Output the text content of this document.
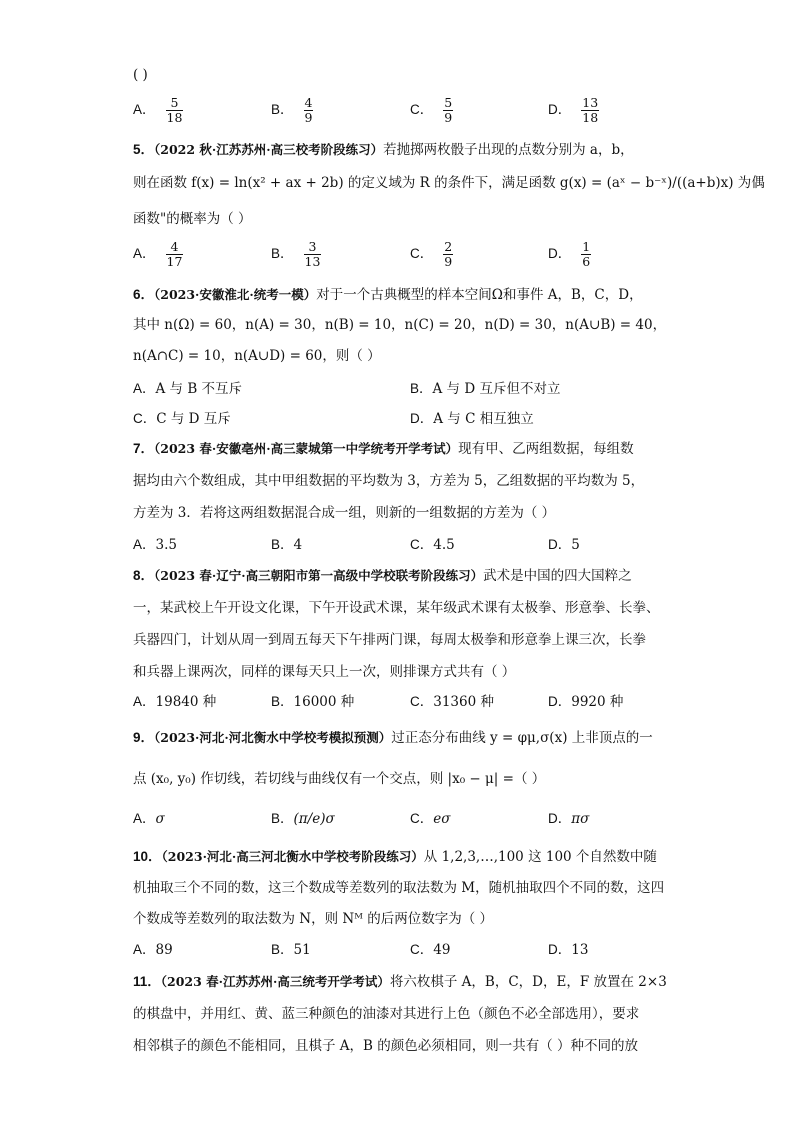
( )
A． $\frac{5}{18}$	B． $\frac{4}{9}$	C． $\frac{5}{9}$	D． $\frac{13}{18}$
5．（2022 秋·江苏苏州·高三校考阶段练习）若抛掷两枚骰子出现的点数分别为 a，b，
则在函数 f(x) = ln(x² + ax + 2b) 的定义域为 R 的条件下，满足函数 g(x) = (aˣ − b⁻ˣ)/((a+b)x) 为偶
函数"的概率为（ ）
A． $\frac{4}{17}$	B． $\frac{3}{13}$	C． $\frac{2}{9}$	D． $\frac{1}{6}$
6．（2023·安徽淮北·统考一模）对于一个古典概型的样本空间Ω和事件 A，B，C，D，
其中 n(Ω) = 60，n(A) = 30，n(B) = 10，n(C) = 20，n(D) = 30，n(A∪B) = 40，
n(A∩C) = 10，n(A∪D) = 60，则（ ）
A．A 与 B 不互斥	B．A 与 D 互斥但不对立
C．C 与 D 互斥	D．A 与 C 相互独立
7．（2023 春·安徽亳州·高三蒙城第一中学统考开学考试）现有甲、乙两组数据，每组数
据均由六个数组成，其中甲组数据的平均数为 3，方差为 5，乙组数据的平均数为 5，
方差为 3．若将这两组数据混合成一组，则新的一组数据的方差为（ ）
A．3.5	B．4	C．4.5	D．5
8．（2023 春·辽宁·高三朝阳市第一高级中学校联考阶段练习）武术是中国的四大国粹之
一，某武校上午开设文化课，下午开设武术课，某年级武术课有太极拳、形意拳、长拳、
兵器四门，计划从周一到周五每天下午排两门课，每周太极拳和形意拳上课三次，长拳
和兵器上课两次，同样的课每天只上一次，则排课方式共有（ ）
A．19840 种	B．16000 种	C．31360 种	D．9920 种
9．（2023·河北·河北衡水中学校考模拟预测）过正态分布曲线 y = φμ,σ(x) 上非顶点的一
点 (x₀, y₀) 作切线，若切线与曲线仅有一个交点，则 |x₀ − μ| =（ ）
A．σ	B．(π/e)σ	C．eσ	D．πσ
10．（2023·河北·高三河北衡水中学校考阶段练习）从 1,2,3,…,100 这 100 个自然数中随
机抽取三个不同的数，这三个数成等差数列的取法数为 M，随机抽取四个不同的数，这四
个数成等差数列的取法数为 N，则 Nᴹ 的后两位数字为（ ）
A．89	B．51	C．49	D．13
11．（2023 春·江苏苏州·高三统考开学考试）将六枚棋子 A，B，C，D，E，F 放置在 2×3
的棋盘中，并用红、黄、蓝三种颜色的油漆对其进行上色（颜色不必全部选用），要求
相邻棋子的颜色不能相同，且棋子 A，B 的颜色必须相同，则一共有（ ）种不同的放
